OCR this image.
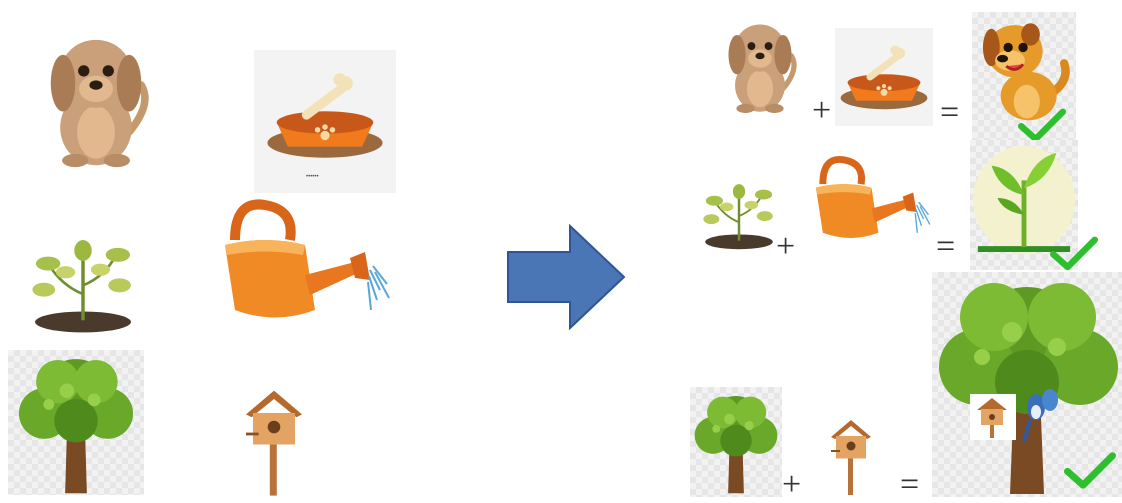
••••••
+	=
+	=
+	=
